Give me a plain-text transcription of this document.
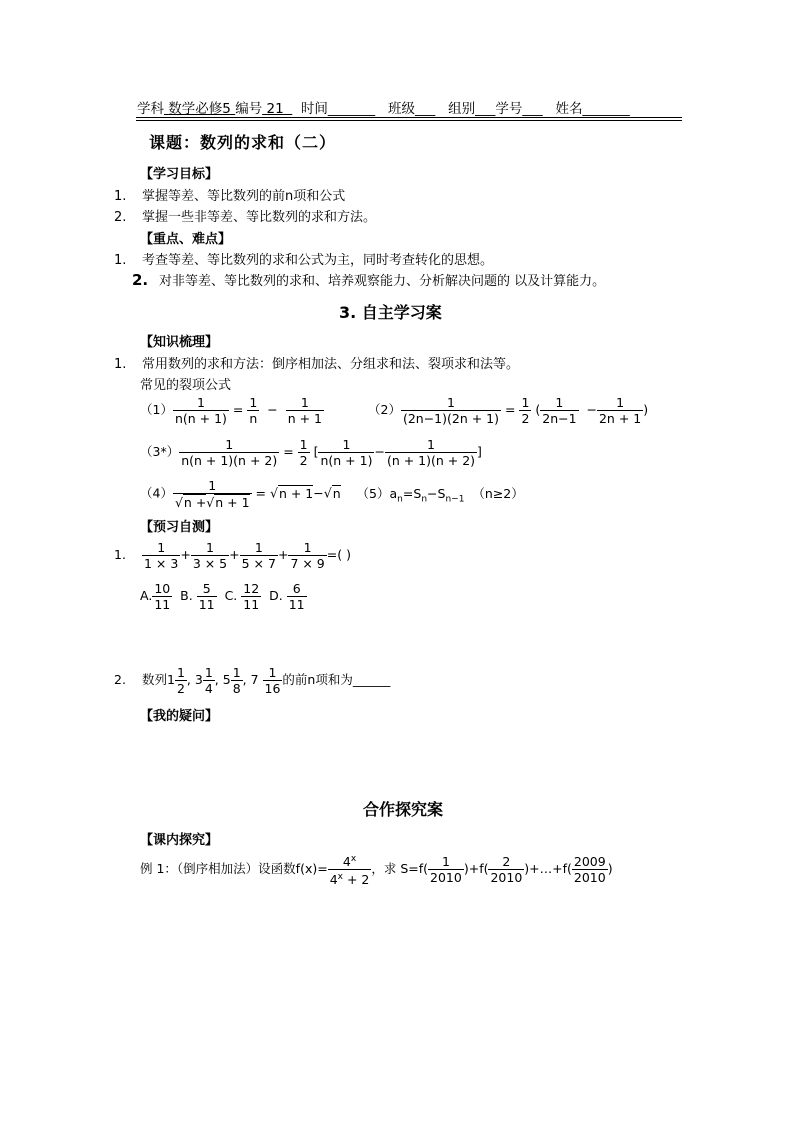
学科 数学必修5 编号 21 时间_______ 班级___ 组别___学号___ 姓名_______
课题：数列的求和（二）
【学习目标】
1. 掌握等差、等比数列的前n项和公式
2. 掌握一些非等差、等比数列的求和方法。
【重点、难点】
1. 考查等差、等比数列的求和公式为主，同时考查转化的思想。
2. 对非等差、等比数列的求和、培养观察能力、分析解决问题的 以及计算能力。
3. 自主学习案
【知识梳理】
1. 常用数列的求和方法：倒序相加法、分组求和法、裂项求和法等。
常见的裂项公式
$(1) \frac{1}{n(n + 1)} = \frac{1}{n} - \frac{1}{n + 1}$	$(2) \frac{1}{(2n-1)(2n + 1)} = \frac{1}{2}$ ( $\frac{1}{2n-1} - \frac{1}{2n + 1}$ )
$(3*) \frac{1}{n(n + 1)(n + 2)} = \frac{1}{2}$ [ $\frac{1}{n(n + 1)} - \frac{1}{(n + 1)(n + 2)}$ ]
$(4) \frac{1}{√n +√n + 1} = √n + 1-√n$ $(5)a_n=S_n-S_{n-1}$ （n≥2）
【预习自测】
1. $\frac{1}{1 \times 3} + \frac{1}{3 \times 5} + \frac{1}{5 \times 7} + \frac{1}{7 \times 9}$ =( )
A. $\frac{10}{11} B$. $\frac{5}{11} C$. $\frac{12}{11} D$. $\frac{6}{11}$
2. 数列$1 \frac{1}{2}$ , $3 \frac{1}{4}$ , $5 \frac{1}{8}$ , $7 \frac{1}{16}$ 的前n项和为______
【我的疑问】
合作探究案
【课内探究】
例 1：（倒序相加法）设函数$f(x)= \frac{4^x}{4^x + 2}$ ，求 $S=f( \frac{1}{2010} )+f( \frac{2}{2010}$ )+…+f( $\frac{2009}{2010}$ )
